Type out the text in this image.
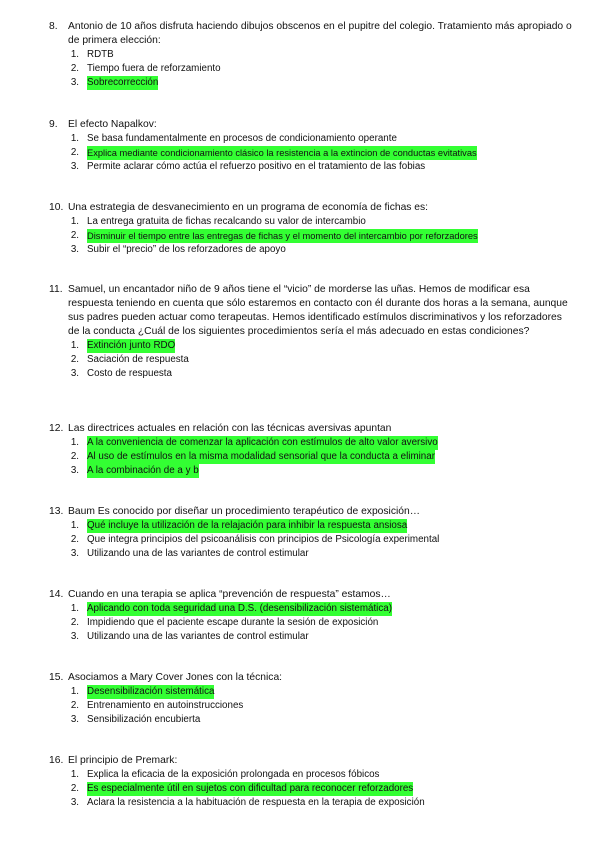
8.	Antonio de 10 años disfruta haciendo dibujos obscenos en el pupitre del colegio. Tratamiento más apropiado o de primera elección:
1. RDTB
2. Tiempo fuera de reforzamiento
3. Sobrecorrección
9.	El efecto Napalkov:
1. Se basa fundamentalmente en procesos de condicionamiento operante
2. Explica mediante condicionamiento clásico la resistencia a la extincion de conductas evitativas
3. Permite aclarar cómo actúa el refuerzo positivo en el tratamiento de las fobias
10. Una estrategia de desvanecimiento en un programa de economía de fichas es:
1. La entrega gratuita de fichas recalcando su valor de intercambio
2. Disminuir el tiempo entre las entregas de fichas y el momento del intercambio por reforzadores
3. Subir el “precio” de los reforzadores de apoyo
11. Samuel, un encantador niño de 9 años tiene el “vicio” de morderse las uñas. Hemos de modificar esa respuesta teniendo en cuenta que sólo estaremos en contacto con él durante dos horas a la semana, aunque sus padres pueden actuar como terapeutas. Hemos identificado estímulos discriminativos y los reforzadores de la conducta ¿Cuál de los siguientes procedimientos sería el más adecuado en estas condiciones?
1. Extinción junto RDO
2. Saciación de respuesta
3. Costo de respuesta
12. Las directrices actuales en relación con las técnicas aversivas apuntan
1. A la conveniencia de comenzar la aplicación con estímulos de alto valor aversivo
2. Al uso de estímulos en la misma modalidad sensorial que la conducta a eliminar
3. A la combinación de a y b
13. Baum Es conocido por diseñar un procedimiento terapéutico de exposición…
1. Qué incluye la utilización de la relajación para inhibir la respuesta ansiosa
2. Que integra principios del psicoanálisis con principios de Psicología experimental
3. Utilizando una de las variantes de control estimular
14. Cuando en una terapia se aplica “prevención de respuesta” estamos…
1. Aplicando con toda seguridad una D.S. (desensibilización sistemática)
2. Impidiendo que el paciente escape durante la sesión de exposición
3. Utilizando una de las variantes de control estimular
15. Asociamos a Mary Cover Jones con la técnica:
1. Desensibilización sistemática
2. Entrenamiento en autoinstrucciones
3. Sensibilización encubierta
16. El principio de Premark:
1. Explica la eficacia de la exposición prolongada en procesos fóbicos
2. Es especialmente útil en sujetos con dificultad para reconocer reforzadores
3. Aclara la resistencia a la habituación de respuesta en la terapia de exposición
